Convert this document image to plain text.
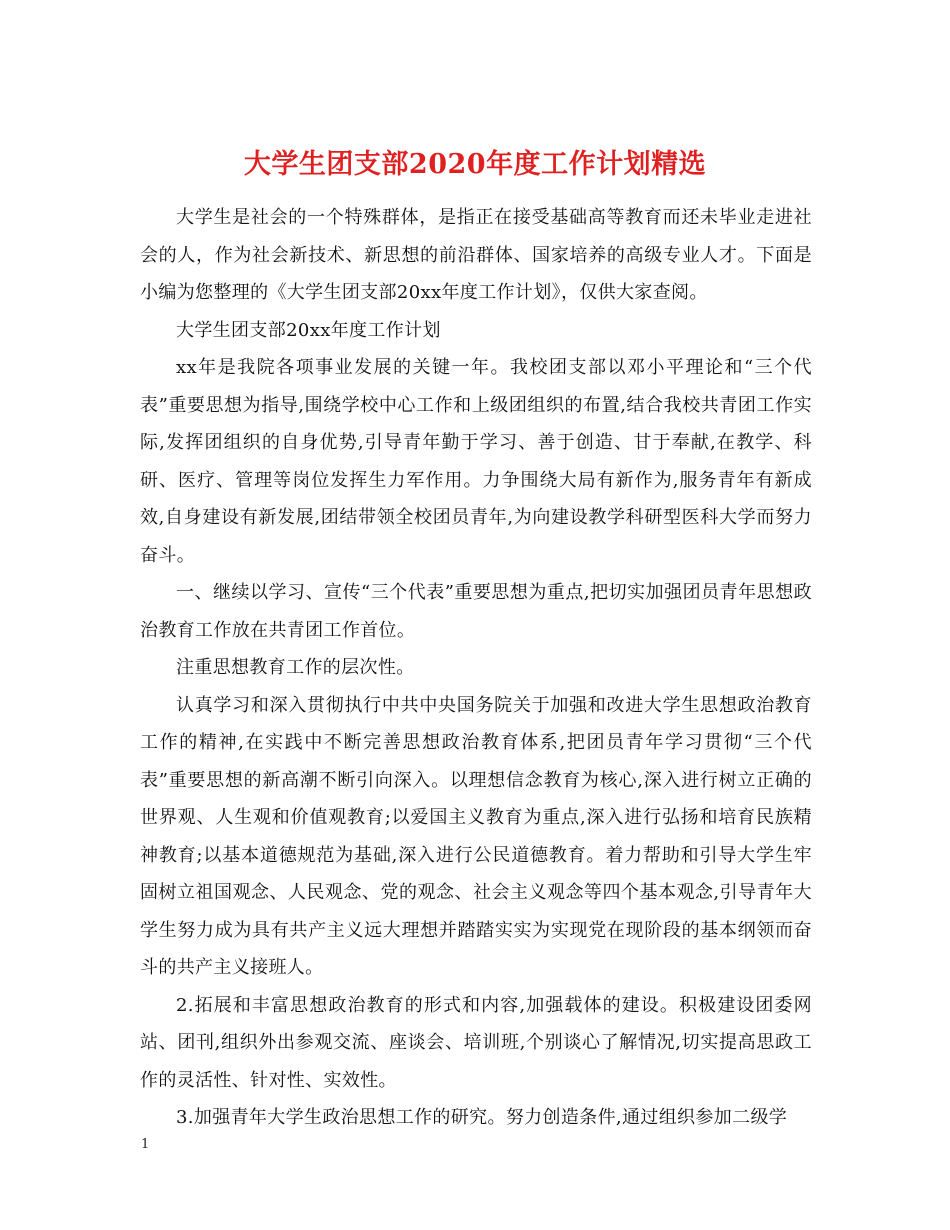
大学生团支部2020年度工作计划精选

大学生是社会的一个特殊群体，是指正在接受基础高等教育而还未毕业走进社会的人，作为社会新技术、新思想的前沿群体、国家培养的高级专业人才。下面是小编为您整理的《大学生团支部20xx年度工作计划》，仅供大家查阅。

大学生团支部20xx年度工作计划

xx年是我院各项事业发展的关键一年。我校团支部以邓小平理论和“三个代表”重要思想为指导,围绕学校中心工作和上级团组织的布置,结合我校共青团工作实际,发挥团组织的自身优势,引导青年勤于学习、善于创造、甘于奉献,在教学、科研、医疗、管理等岗位发挥生力军作用。力争围绕大局有新作为,服务青年有新成效,自身建设有新发展,团结带领全校团员青年,为向建设教学科研型医科大学而努力奋斗。

一、继续以学习、宣传“三个代表”重要思想为重点,把切实加强团员青年思想政治教育工作放在共青团工作首位。

注重思想教育工作的层次性。

认真学习和深入贯彻执行中共中央国务院关于加强和改进大学生思想政治教育工作的精神,在实践中不断完善思想政治教育体系,把团员青年学习贯彻“三个代表”重要思想的新高潮不断引向深入。以理想信念教育为核心,深入进行树立正确的世界观、人生观和价值观教育;以爱国主义教育为重点,深入进行弘扬和培育民族精神教育;以基本道德规范为基础,深入进行公民道德教育。着力帮助和引导大学生牢固树立祖国观念、人民观念、党的观念、社会主义观念等四个基本观念,引导青年大学生努力成为具有共产主义远大理想并踏踏实实为实现党在现阶段的基本纲领而奋斗的共产主义接班人。

2.拓展和丰富思想政治教育的形式和内容,加强载体的建设。积极建设团委网站、团刊,组织外出参观交流、座谈会、培训班,个别谈心了解情况,切实提高思政工作的灵活性、针对性、实效性。

3.加强青年大学生政治思想工作的研究。努力创造条件,通过组织参加二级学

1
